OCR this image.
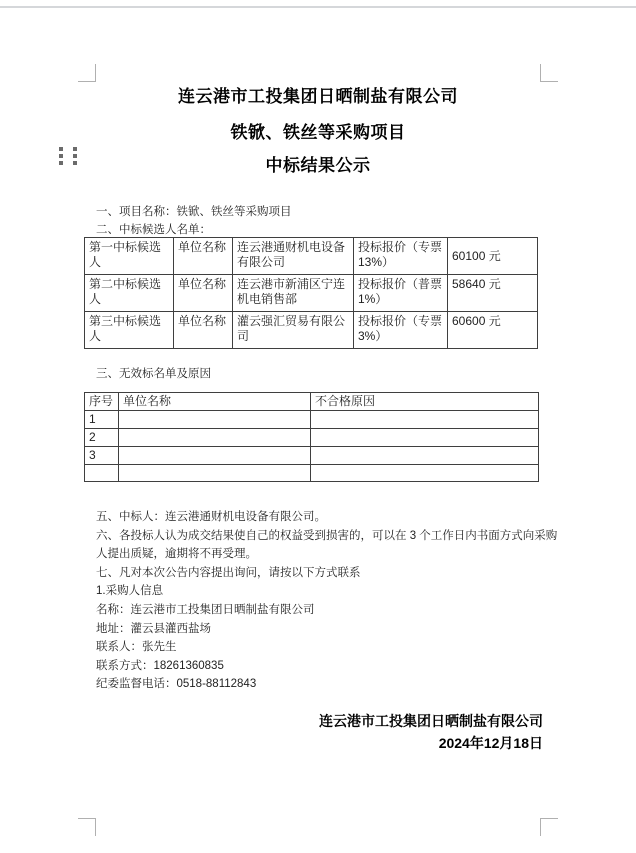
连云港市工投集团日晒制盐有限公司
铁锨、铁丝等采购项目
中标结果公示
一、项目名称：铁锨、铁丝等采购项目
二、中标候选人名单：
第一中标候选人	单位名称	连云港通财机电设备有限公司	投标报价（专票13%）	60100 元
第二中标候选人	单位名称	连云港市新浦区宁连机电销售部	投标报价（普票1%）	58640 元
第三中标候选人	单位名称	灌云强汇贸易有限公司	投标报价（专票3%）	60600 元
三、无效标名单及原因
序号	单位名称	不合格原因
1		
2		
3		

五、中标人：连云港通财机电设备有限公司。
六、各投标人认为成交结果使自己的权益受到损害的，可以在 3 个工作日内书面方式向采购
人提出质疑，逾期将不再受理。
七、凡对本次公告内容提出询问，请按以下方式联系
1.采购人信息
名称：连云港市工投集团日晒制盐有限公司
地址：灌云县灌西盐场
联系人：张先生
联系方式：18261360835
纪委监督电话：0518-88112843
连云港市工投集团日晒制盐有限公司
2024年12月18日
